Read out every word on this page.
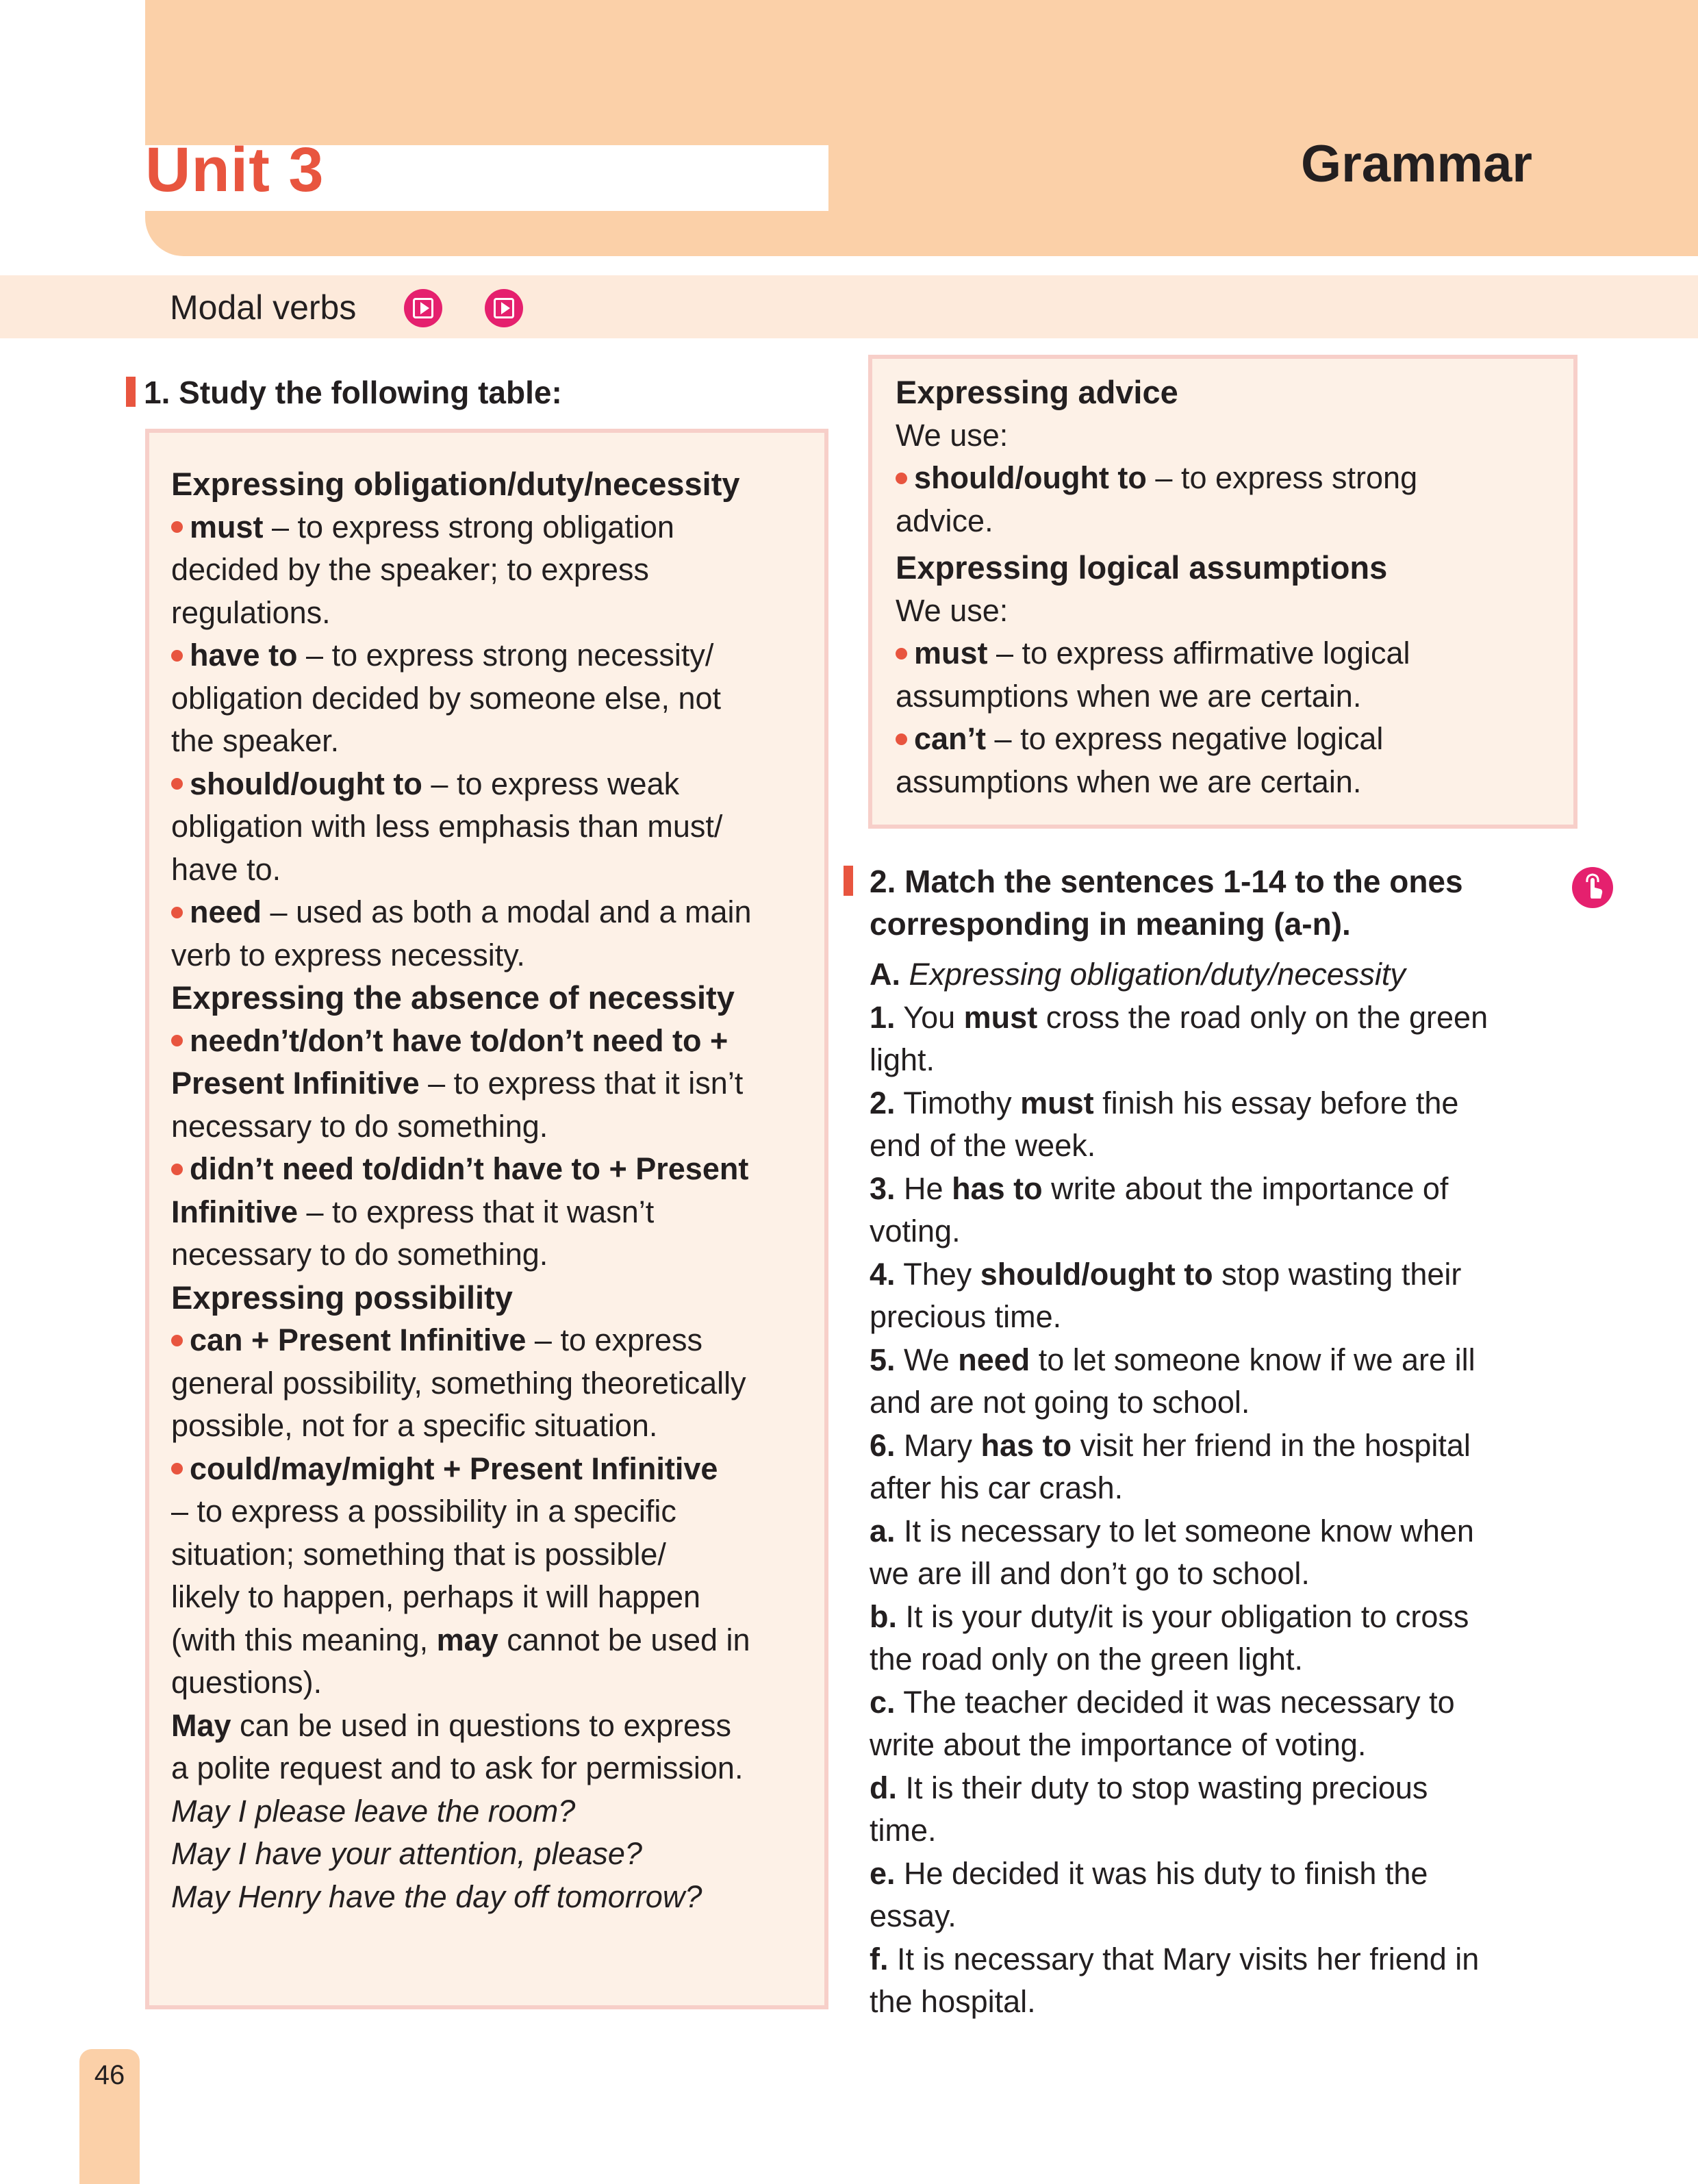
Unit 3	Grammar
Modal verbs
1. Study the following table:

Expressing obligation/duty/necessity

must – to express strong obligation

decided by the speaker; to express

regulations.

have to – to express strong necessity/

obligation decided by someone else, not

the speaker.

should/ought to – to express weak

obligation with less emphasis than must/

have to.

need – used as both a modal and a main

verb to express necessity.

Expressing the absence of necessity

needn’t/don’t have to/don’t need to +

Present Infinitive – to express that it isn’t

necessary to do something.

didn’t need to/didn’t have to + Present

Infinitive – to express that it wasn’t

necessary to do something.

Expressing possibility

can + Present Infinitive – to express

general possibility, something theoretically

possible, not for a specific situation.

could/may/might + Present Infinitive

– to express a possibility in a specific

situation; something that is possible/

likely to happen, perhaps it will happen

(with this meaning, may cannot be used in

questions).

May can be used in questions to express

a polite request and to ask for permission.

May I please leave the room?

May I have your attention, please?

May Henry have the day off tomorrow?

Expressing advice

We use:

should/ought to – to express strong

advice.

Expressing logical assumptions

We use:

must – to express affirmative logical

assumptions when we are certain.

can’t – to express negative logical

assumptions when we are certain.

2. Match the sentences 1-14 to the ones
corresponding in meaning (a-n).

A. Expressing obligation/duty/necessity

1. You must cross the road only on the green

light.

2. Timothy must finish his essay before the

end of the week.

3. He has to write about the importance of

voting.

4. They should/ought to stop wasting their

precious time.

5. We need to let someone know if we are ill

and are not going to school.

6. Mary has to visit her friend in the hospital

after his car crash.

a. It is necessary to let someone know when

we are ill and don’t go to school.

b. It is your duty/it is your obligation to cross

the road only on the green light.

c. The teacher decided it was necessary to

write about the importance of voting.

d. It is their duty to stop wasting precious

time.

e. He decided it was his duty to finish the

essay.

f. It is necessary that Mary visits her friend in

the hospital.

46
